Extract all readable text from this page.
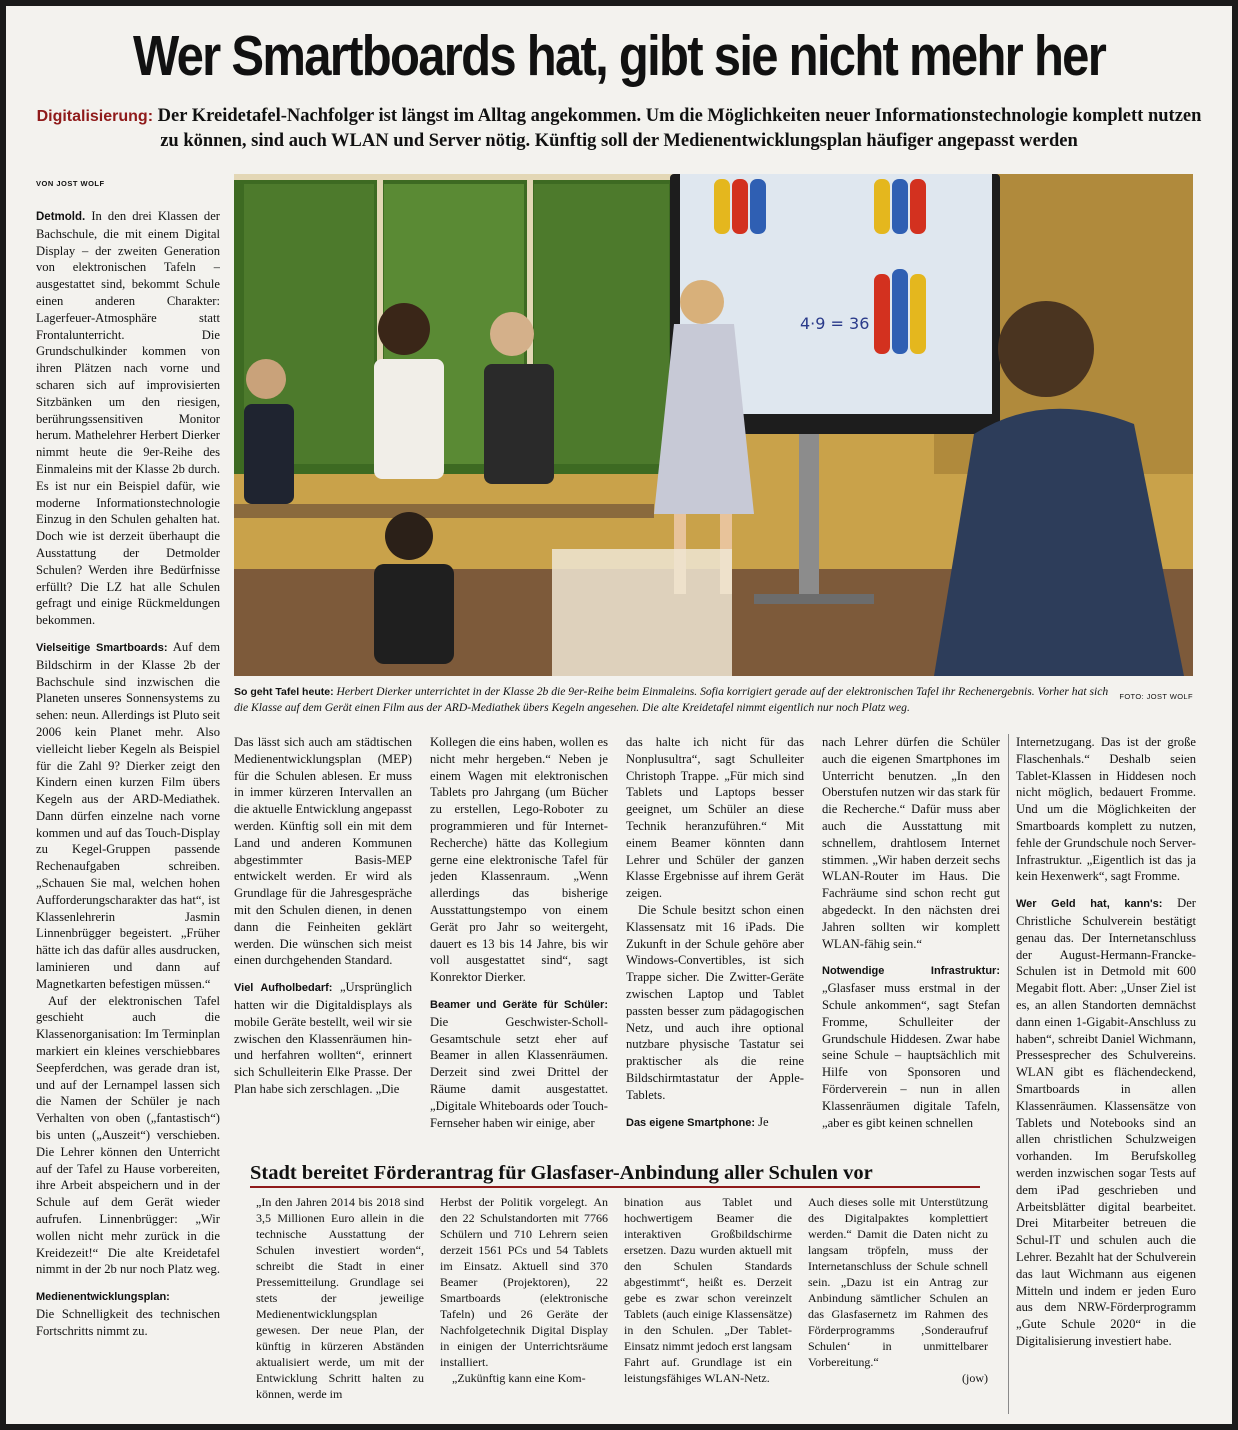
Wer Smartboards hat, gibt sie nicht mehr her
Digitalisierung: Der Kreidetafel-Nachfolger ist längst im Alltag angekommen. Um die Möglichkeiten neuer Informationstechnologie komplett nutzen zu können, sind auch WLAN und Server nötig. Künftig soll der Medienentwicklungsplan häufiger angepasst werden
VON JOST WOLF

Detmold. In den drei Klassen der Bachschule, die mit einem Digital Display – der zweiten Generation von elektronischen Tafeln – ausgestattet sind, bekommt Schule einen anderen Charakter: Lagerfeuer-Atmosphäre statt Frontalunterricht. Die Grundschulkinder kommen von ihren Plätzen nach vorne und scharen sich auf improvisierten Sitzbänken um den riesigen, berührungssensitiven Monitor herum. Mathelehrer Herbert Dierker nimmt heute die 9er-Reihe des Einmaleins mit der Klasse 2b durch. Es ist nur ein Beispiel dafür, wie moderne Informationstechnologie Einzug in den Schulen gehalten hat. Doch wie ist derzeit überhaupt die Ausstattung der Detmolder Schulen? Werden ihre Bedürfnisse erfüllt? Die LZ hat alle Schulen gefragt und einige Rückmeldungen bekommen.

Vielseitige Smartboards: Auf dem Bildschirm in der Klasse 2b der Bachschule sind inzwischen die Planeten unseres Sonnensystems zu sehen: neun. Allerdings ist Pluto seit 2006 kein Planet mehr. Also vielleicht lieber Kegeln als Beispiel für die Zahl 9? Dierker zeigt den Kindern einen kurzen Film übers Kegeln aus der ARD-Mediathek. Dann dürfen einzelne nach vorne kommen und auf das Touch-Display zu Kegel-Gruppen passende Rechenaufgaben schreiben. „Schauen Sie mal, welchen hohen Aufforderungscharakter das hat“, ist Klassenlehrerin Jasmin Linnenbrügger begeistert. „Früher hätte ich das dafür alles ausdrucken, laminieren und dann auf Magnetkarten befestigen müssen.“

Auf der elektronischen Tafel geschieht auch die Klassenorganisation: Im Terminplan markiert ein kleines verschiebbares Seepferdchen, was gerade dran ist, und auf der Lernampel lassen sich die Namen der Schüler je nach Verhalten von oben („fantastisch“) bis unten („Auszeit“) verschieben. Die Lehrer können den Unterricht auf der Tafel zu Hause vorbereiten, ihre Arbeit abspeichern und in der Schule auf dem Gerät wieder aufrufen. Linnenbrügger: „Wir wollen nicht mehr zurück in die Kreidezeit!“ Die alte Kreidetafel nimmt in der 2b nur noch Platz weg.

Medienentwicklungsplan:

Die Schnelligkeit des technischen Fortschritts nimmt zu.

4·9 = 36
FOTO: JOST WOLF
So geht Tafel heute: Herbert Dierker unterrichtet in der Klasse 2b die 9er-Reihe beim Einmaleins. Sofia korrigiert gerade auf der elektronischen Tafel ihr Rechenergebnis. Vorher hat sich die Klasse auf dem Gerät einen Film aus der ARD-Mediathek übers Kegeln angesehen. Die alte Kreidetafel nimmt eigentlich nur noch Platz weg.

Das lässt sich auch am städtischen Medienentwicklungsplan (MEP) für die Schulen ablesen. Er muss in immer kürzeren Intervallen an die aktuelle Entwicklung angepasst werden. Künftig soll ein mit dem Land und anderen Kommunen abgestimmter Basis-MEP entwickelt werden. Er wird als Grundlage für die Jahresgespräche mit den Schulen dienen, in denen dann die Feinheiten geklärt werden. Die wünschen sich meist einen durchgehenden Standard.

Viel Aufholbedarf: „Ursprünglich hatten wir die Digitaldisplays als mobile Geräte bestellt, weil wir sie zwischen den Klassenräumen hin- und herfahren wollten“, erinnert sich Schulleiterin Elke Prasse. Der Plan habe sich zerschlagen. „Die

Kollegen die eins haben, wollen es nicht mehr hergeben.“ Neben je einem Wagen mit elektronischen Tablets pro Jahrgang (um Bücher zu erstellen, Lego-Roboter zu programmieren und für Internet-Recherche) hätte das Kollegium gerne eine elektronische Tafel für jeden Klassenraum. „Wenn allerdings das bisherige Ausstattungstempo von einem Gerät pro Jahr so weitergeht, dauert es 13 bis 14 Jahre, bis wir voll ausgestattet sind“, sagt Konrektor Dierker.

Beamer und Geräte für Schüler: Die Geschwister-Scholl-Gesamtschule setzt eher auf Beamer in allen Klassenräumen. Derzeit sind zwei Drittel der Räume damit ausgestattet. „Digitale Whiteboards oder Touch-Fernseher haben wir einige, aber

das halte ich nicht für das Nonplusultra“, sagt Schulleiter Christoph Trappe. „Für mich sind Tablets und Laptops besser geeignet, um Schüler an diese Technik heranzuführen.“ Mit einem Beamer könnten dann Lehrer und Schüler der ganzen Klasse Ergebnisse auf ihrem Gerät zeigen.

Die Schule besitzt schon einen Klassensatz mit 16 iPads. Die Zukunft in der Schule gehöre aber Windows-Convertibles, ist sich Trappe sicher. Die Zwitter-Geräte zwischen Laptop und Tablet passten besser zum pädagogischen Netz, und auch ihre optional nutzbare physische Tastatur sei praktischer als die reine Bildschirmtastatur der Apple-Tablets.

Das eigene Smartphone: Je

nach Lehrer dürfen die Schüler auch die eigenen Smartphones im Unterricht benutzen. „In den Oberstufen nutzen wir das stark für die Recherche.“ Dafür muss aber auch die Ausstattung mit schnellem, drahtlosem Internet stimmen. „Wir haben derzeit sechs WLAN-Router im Haus. Die Fachräume sind schon recht gut abgedeckt. In den nächsten drei Jahren sollten wir komplett WLAN-fähig sein.“

Notwendige Infrastruktur: „Glasfaser muss erstmal in der Schule ankommen“, sagt Stefan Fromme, Schulleiter der Grundschule Hiddesen. Zwar habe seine Schule – hauptsächlich mit Hilfe von Sponsoren und Förderverein – nun in allen Klassenräumen digitale Tafeln, „aber es gibt keinen schnellen

Internetzugang. Das ist der große Flaschenhals.“ Deshalb seien Tablet-Klassen in Hiddesen noch nicht möglich, bedauert Fromme. Und um die Möglichkeiten der Smartboards komplett zu nutzen, fehle der Grundschule noch Server-Infrastruktur. „Eigentlich ist das ja kein Hexenwerk“, sagt Fromme.

Wer Geld hat, kann's: Der Christliche Schulverein bestätigt genau das. Der Internetanschluss der August-Hermann-Francke-Schulen ist in Detmold mit 600 Megabit flott. Aber: „Unser Ziel ist es, an allen Standorten demnächst dann einen 1-Gigabit-Anschluss zu haben“, schreibt Daniel Wichmann, Pressesprecher des Schulvereins. WLAN gibt es flächendeckend, Smartboards in allen Klassenräumen. Klassensätze von Tablets und Notebooks sind an allen christlichen Schulzweigen vorhanden. Im Berufskolleg werden inzwischen sogar Tests auf dem iPad geschrieben und Arbeitsblätter digital bearbeitet. Drei Mitarbeiter betreuen die Schul-IT und schulen auch die Lehrer. Bezahlt hat der Schulverein das laut Wichmann aus eigenen Mitteln und indem er jeden Euro aus dem NRW-Förderprogramm „Gute Schule 2020“ in die Digitalisierung investiert habe.

Stadt bereitet Förderantrag für Glasfaser-Anbindung aller Schulen vor

„In den Jahren 2014 bis 2018 sind 3,5 Millionen Euro allein in die technische Ausstattung der Schulen investiert worden“, schreibt die Stadt in einer Pressemitteilung. Grundlage sei stets der jeweilige Medienentwicklungsplan gewesen. Der neue Plan, der künftig in kürzeren Abständen aktualisiert werde, um mit der Entwicklung Schritt halten zu können, werde im

Herbst der Politik vorgelegt. An den 22 Schulstandorten mit 7766 Schülern und 710 Lehrern seien derzeit 1561 PCs und 54 Tablets im Einsatz. Aktuell sind 370 Beamer (Projektoren), 22 Smartboards (elektronische Tafeln) und 26 Geräte der Nachfolgetechnik Digital Display in einigen der Unterrichtsräume installiert.

„Zukünftig kann eine Kom-

bination aus Tablet und hochwertigem Beamer die interaktiven Großbildschirme ersetzen. Dazu wurden aktuell mit den Schulen Standards abgestimmt“, heißt es. Derzeit gebe es zwar schon vereinzelt Tablets (auch einige Klassensätze) in den Schulen. „Der Tablet-Einsatz nimmt jedoch erst langsam Fahrt auf. Grundlage ist ein leistungsfähiges WLAN-Netz.

Auch dieses solle mit Unterstützung des Digitalpaktes komplettiert werden.“ Damit die Daten nicht zu langsam tröpfeln, muss der Internetanschluss der Schule schnell sein. „Dazu ist ein Antrag zur Anbindung sämtlicher Schulen an das Glasfasernetz im Rahmen des Förderprogramms ‚Sonderaufruf Schulen‘ in unmittelbarer Vorbereitung.“

(jow)
